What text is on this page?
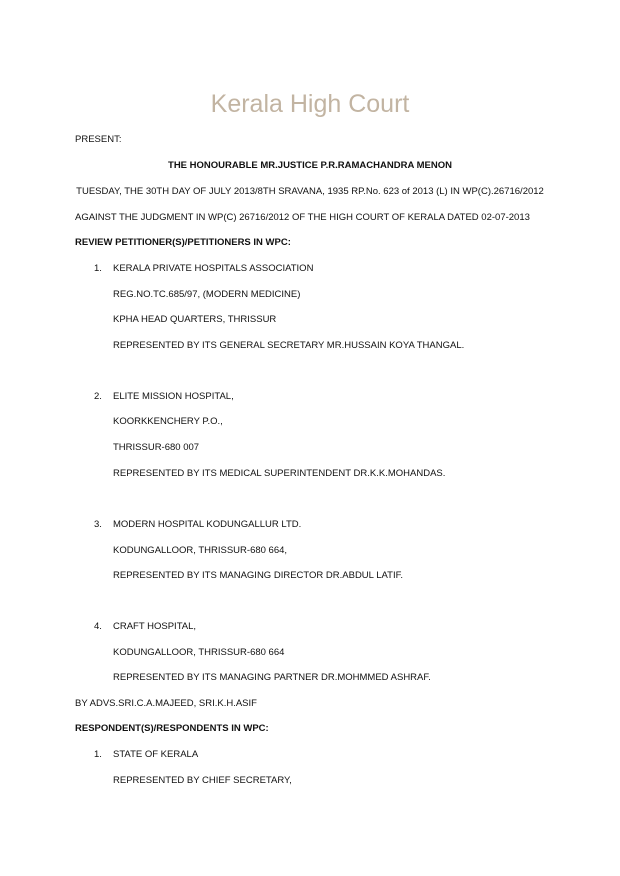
Kerala High Court
PRESENT:
THE HONOURABLE MR.JUSTICE P.R.RAMACHANDRA MENON
TUESDAY, THE 30TH DAY OF JULY 2013/8TH SRAVANA, 1935 RP.No. 623 of 2013 (L) IN WP(C).26716/2012
AGAINST THE JUDGMENT IN WP(C) 26716/2012 OF THE HIGH COURT OF KERALA DATED 02-07-2013
REVIEW PETITIONER(S)/PETITIONERS IN WPC:
1. KERALA PRIVATE HOSPITALS ASSOCIATION
REG.NO.TC.685/97, (MODERN MEDICINE)
KPHA HEAD QUARTERS, THRISSUR
REPRESENTED BY ITS GENERAL SECRETARY MR.HUSSAIN KOYA THANGAL.
2. ELITE MISSION HOSPITAL,
KOORKKENCHERY P.O.,
THRISSUR-680 007
REPRESENTED BY ITS MEDICAL SUPERINTENDENT DR.K.K.MOHANDAS.
3. MODERN HOSPITAL KODUNGALLUR LTD.
KODUNGALLOOR, THRISSUR-680 664,
REPRESENTED BY ITS MANAGING DIRECTOR DR.ABDUL LATIF.
4. CRAFT HOSPITAL,
KODUNGALLOOR, THRISSUR-680 664
REPRESENTED BY ITS MANAGING PARTNER DR.MOHMMED ASHRAF.
BY ADVS.SRI.C.A.MAJEED, SRI.K.H.ASIF
RESPONDENT(S)/RESPONDENTS IN WPC:
1. STATE OF KERALA
REPRESENTED BY CHIEF SECRETARY,
